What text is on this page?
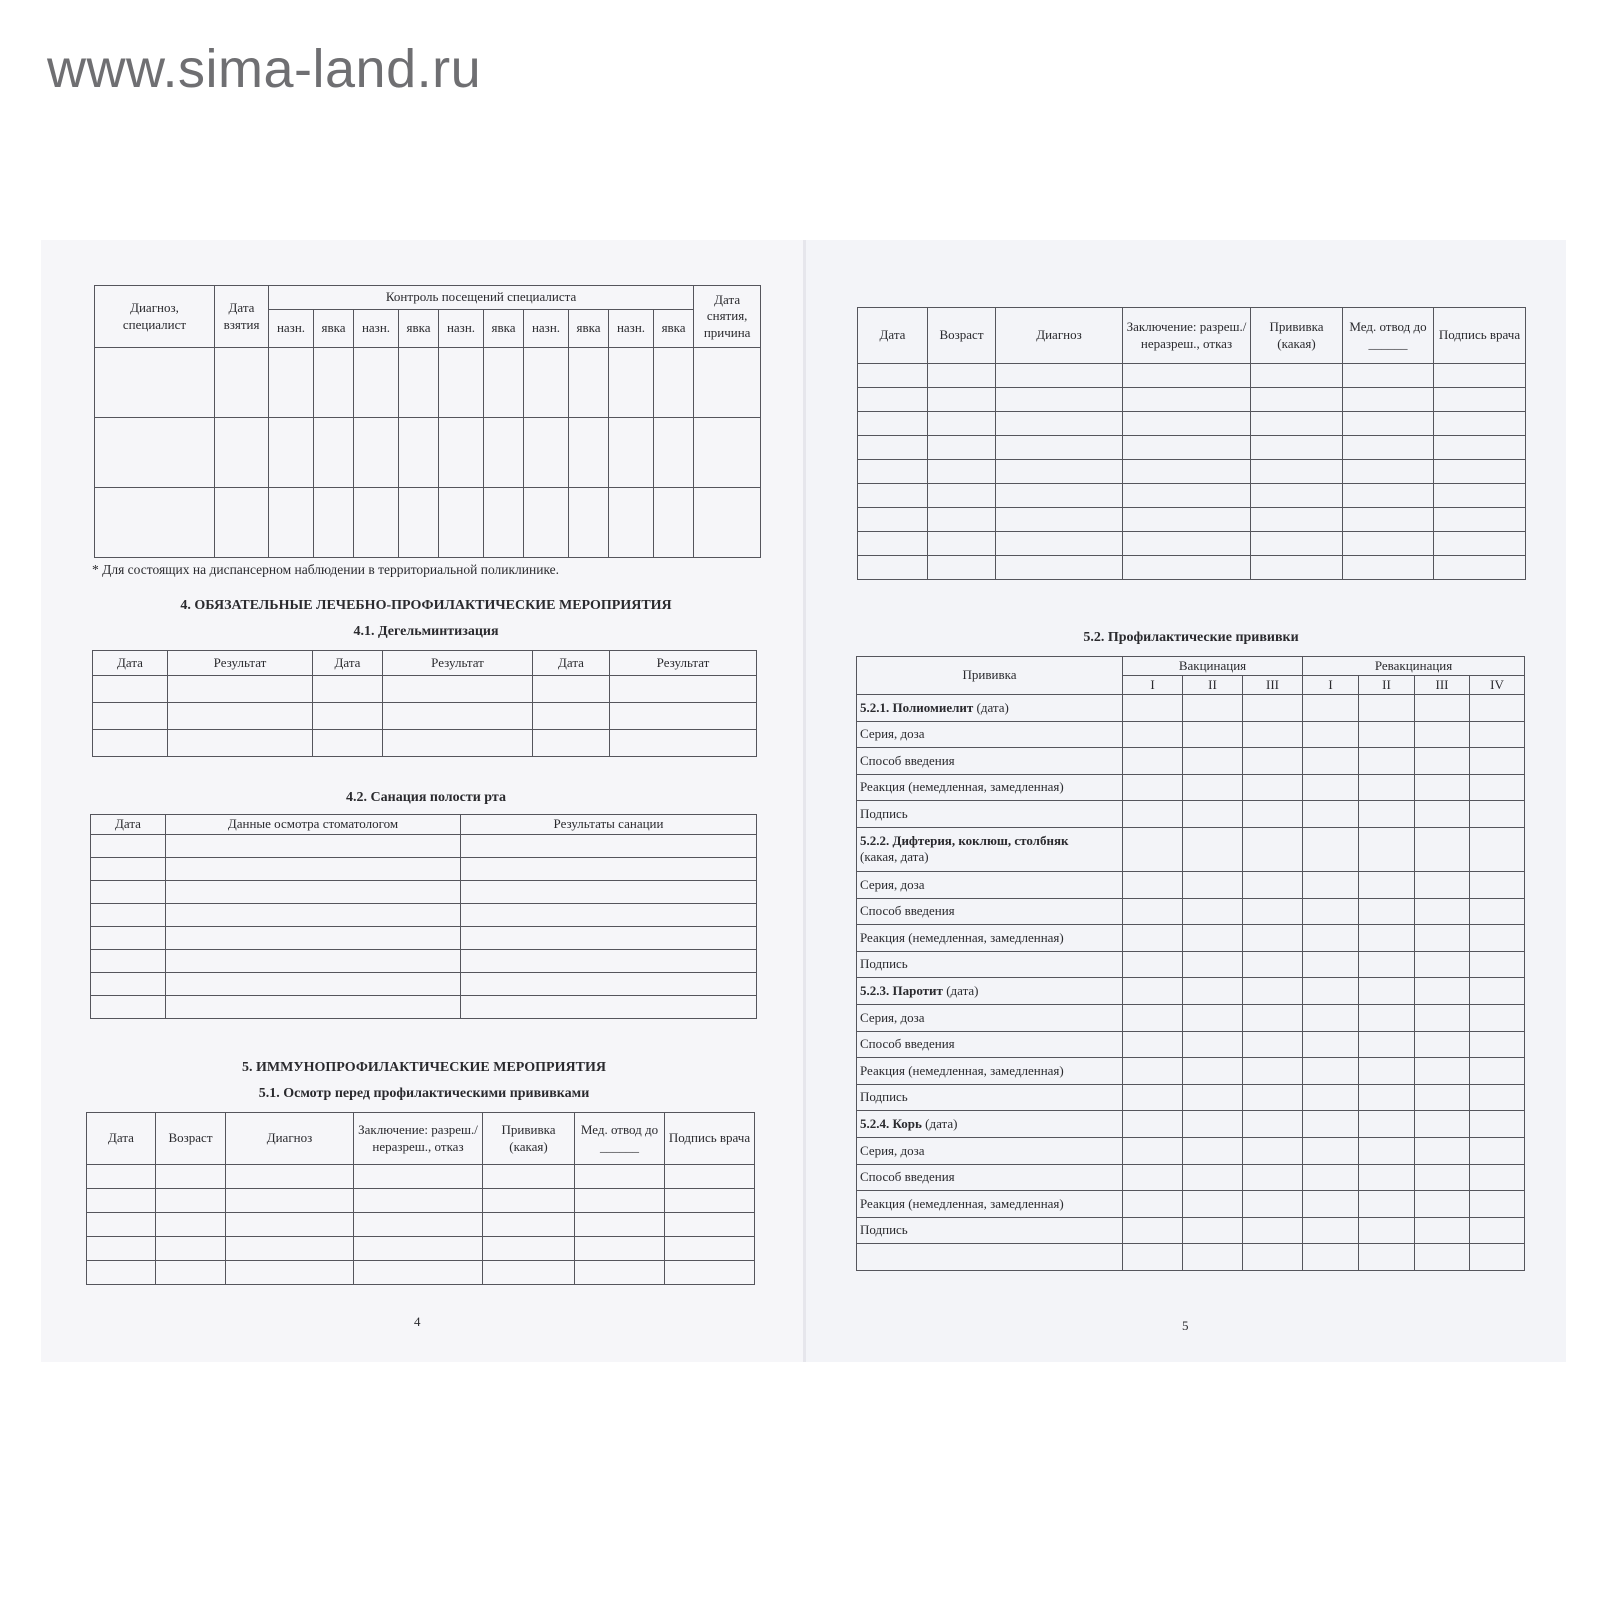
www.sima-land.ru
Диагноз, специалист	Дата взятия	Контроль посещений специалиста										Дата снятия, причина
		назн.	явка	назн.	явка	назн.	явка	назн.	явка	назн.	явка	

* Для состоящих на диспансерном наблюдении в территориальной поликлинике.
4. ОБЯЗАТЕЛЬНЫЕ ЛЕЧЕБНО-ПРОФИЛАКТИЧЕСКИЕ МЕРОПРИЯТИЯ
4.1. Дегельминтизация
Дата	Результат	Дата	Результат	Дата	Результат

4.2. Санация полости рта
Дата	Данные осмотра стоматологом	Результаты санации

5. ИММУНОПРОФИЛАКТИЧЕСКИЕ МЕРОПРИЯТИЯ
5.1. Осмотр перед профилактическими прививками
Дата	Возраст	Диагноз	Заключение: разреш./неразреш., отказ	Прививка (какая)	Мед. отвод до ______	Подпись врача

4
Дата	Возраст	Диагноз	Заключение: разреш./неразреш., отказ	Прививка (какая)	Мед. отвод до ______	Подпись врача

5.2. Профилактические прививки
Прививка	Вакцинация			Ревакцинация			
	I	II	III	I	II	III	IV
5.2.1. Полиомиелит (дата)							
Серия, доза							
Способ введения							
Реакция (немедленная, замедленная)							
Подпись							
5.2.2. Дифтерия, коклюш, столбняк
(какая, дата)							
Серия, доза							
Способ введения							
Реакция (немедленная, замедленная)							
Подпись							
5.2.3. Паротит (дата)							
Серия, доза							
Способ введения							
Реакция (немедленная, замедленная)							
Подпись							
5.2.4. Корь (дата)							
Серия, доза							
Способ введения							
Реакция (немедленная, замедленная)							
Подпись							

5
